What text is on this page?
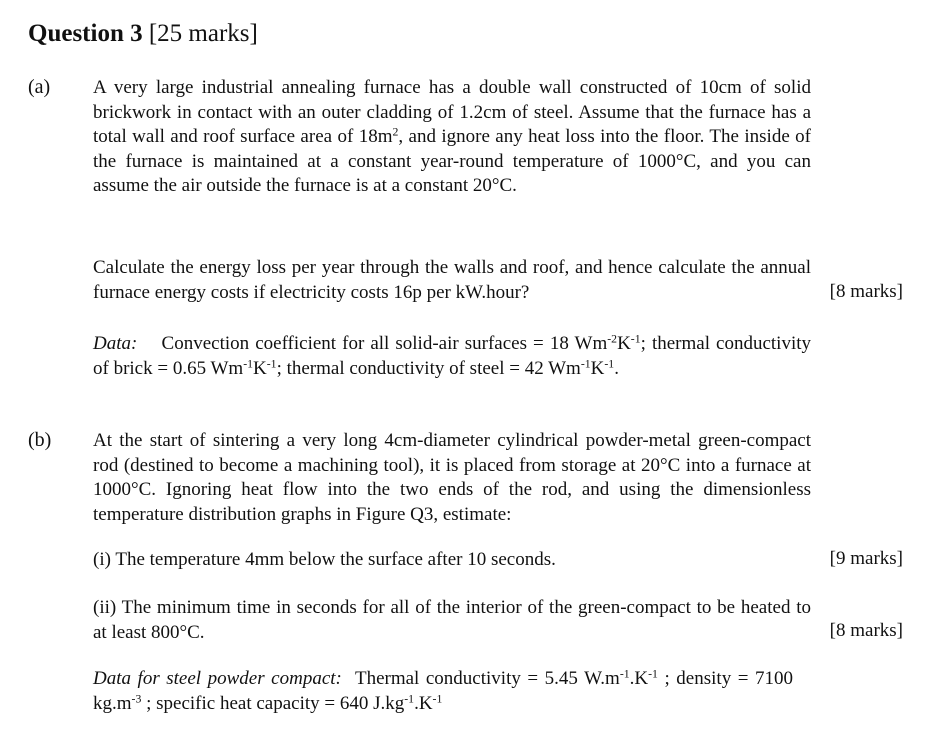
Question 3 [25 marks]
(a) A very large industrial annealing furnace has a double wall constructed of 10cm of solid brickwork in contact with an outer cladding of 1.2cm of steel. Assume that the furnace has a total wall and roof surface area of $18m^2$, and ignore any heat loss into the floor. The inside of the furnace is maintained at a constant year-round temperature of 1000°C, and you can assume the air outside the furnace is at a constant 20°C.
Calculate the energy loss per year through the walls and roof, and hence calculate the annual furnace energy costs if electricity costs 16p per kW.hour?	[8 marks]
Data: Convection coefficient for all solid-air surfaces = 18 $Wm^{-2}K^{-1}$; thermal conductivity of brick = 0.65 $Wm^{-1}K^{-1}$; thermal conductivity of steel = 42 $Wm^{-1}K^{-1}$.
(b) At the start of sintering a very long 4cm-diameter cylindrical powder-metal green-compact rod (destined to become a machining tool), it is placed from storage at 20°C into a furnace at 1000°C. Ignoring heat flow into the two ends of the rod, and using the dimensionless temperature distribution graphs in Figure Q3, estimate:
(i) The temperature 4mm below the surface after 10 seconds.	[9 marks]
(ii) The minimum time in seconds for all of the interior of the green-compact to be heated to at least 800°C.	[8 marks]
Data for steel powder compact: Thermal conductivity = 5.45 $W.m^{-1}.K^{-1}$ ; density = 7100 $kg.m^{-3}$ ; specific heat capacity = 640 $J.kg^{-1}.K^{-1}$
